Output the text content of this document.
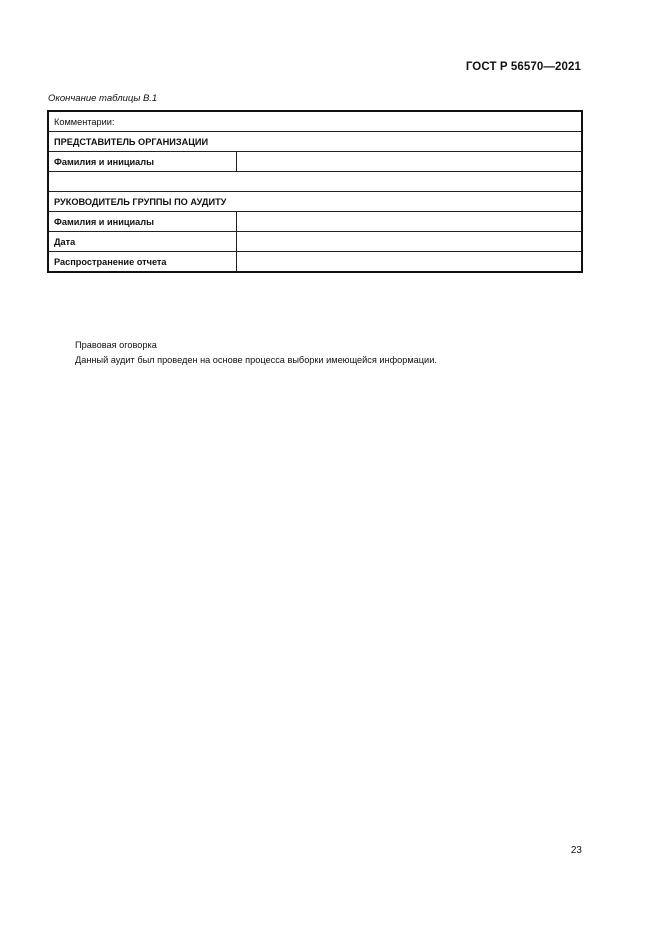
ГОСТ Р 56570—2021
Окончание таблицы В.1
Комментарии:	
ПРЕДСТАВИТЕЛЬ ОРГАНИЗАЦИИ	
Фамилия и инициалы	

РУКОВОДИТЕЛЬ ГРУППЫ ПО АУДИТУ	
Фамилия и инициалы	
Дата	
Распространение отчета	
Правовая оговорка
Данный аудит был проведен на основе процесса выборки имеющейся информации.
23
